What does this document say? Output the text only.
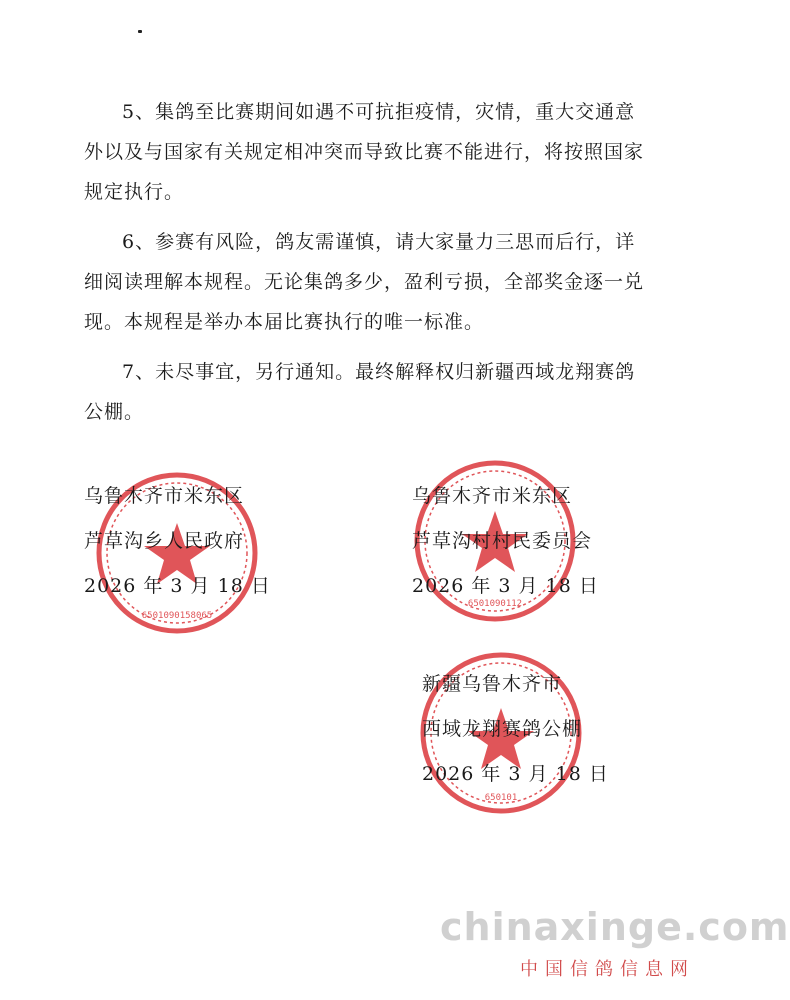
5、集鸽至比赛期间如遇不可抗拒疫情，灾情，重大交通意外以及与国家有关规定相冲突而导致比赛不能进行，将按照国家规定执行。

6、参赛有风险，鸽友需谨慎，请大家量力三思而后行，详细阅读理解本规程。无论集鸽多少，盈利亏损，全部奖金逐一兑现。本规程是举办本届比赛执行的唯一标准。

7、未尽事宜，另行通知。最终解释权归新疆西域龙翔赛鸽公棚。

6501090158065
6501090112
650101
乌鲁木齐市米东区
芦草沟乡人民政府
2026 年 3 月 18 日
乌鲁木齐市米东区
芦草沟村村民委员会
2026 年 3 月 18 日
新疆乌鲁木齐市
西域龙翔赛鸽公棚
2026 年 3 月 18 日
chinaxinge.com
中国信鸽信息网
